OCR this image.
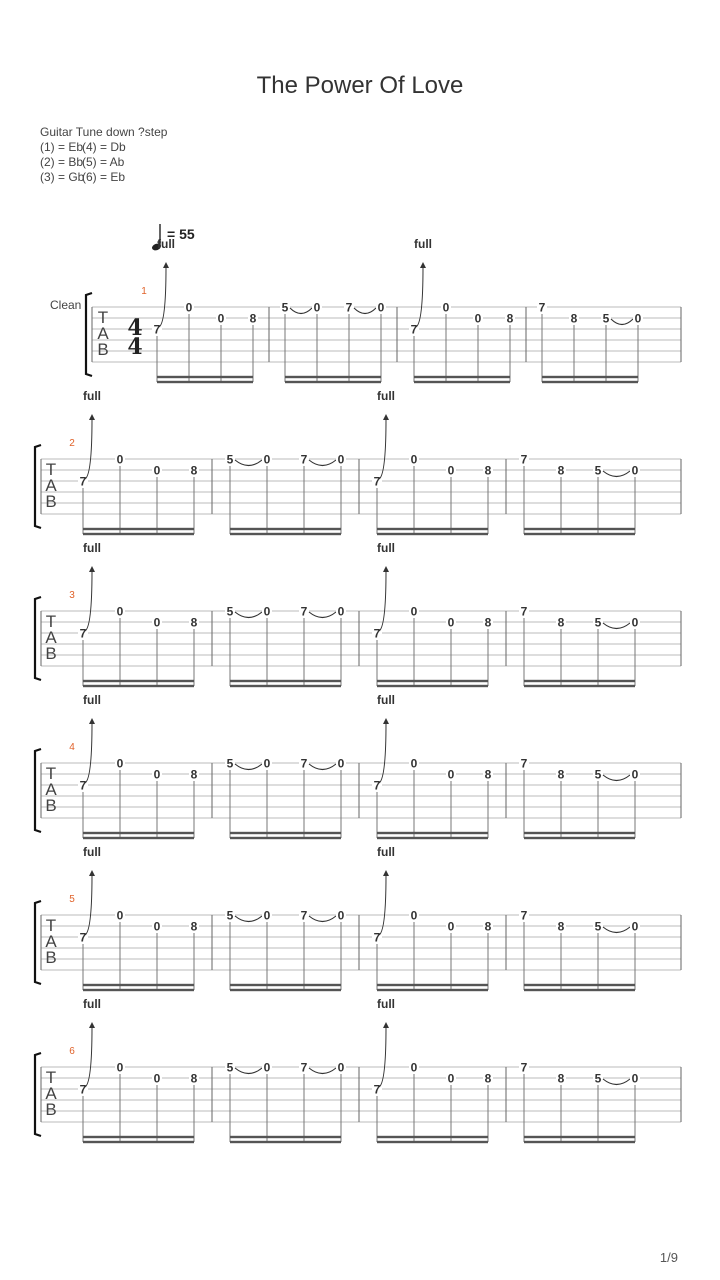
The Power Of Love
Guitar Tune down ?step
(1) = Eb(4) = Db
(2) = Bb(5) = Ab
(3) = Gb(6) = Eb
= 55
Clean
T
A
B
4
4
1
7
full
0
0 8
5 0 7 0
7
full
0
0 8
7
8 5 0
T
A
B
2
7
full
0
0	8
5	0	7	0
7
full
0
0	8
7
8	5	0
T
A
B
3
7
full
0
0	8
5	0	7	0
7
full
0
0	8
7
8	5	0
T
A
B
4
7
full
0
0	8
5	0	7	0
7
full
0
0	8
7
8	5	0
T
A
B
5
7
full
0
0	8
5	0	7	0
7
full
0
0	8
7
8	5	0
T
A
B
6
7
full
0
0	8
5	0	7	0
7
full
0
0	8
7
8	5	0
1/9
